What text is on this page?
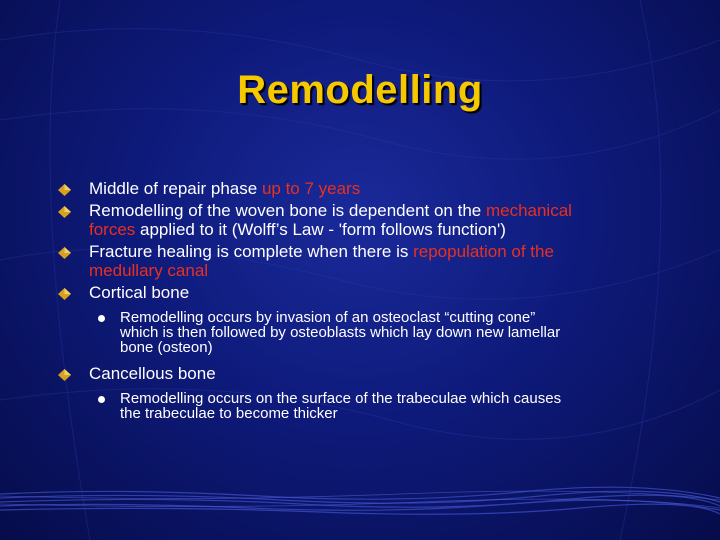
Remodelling
Middle of repair phase up to 7 years
Remodelling of the woven bone is dependent on the mechanical
forces applied to it (Wolff’s Law - 'form follows function')
Fracture healing is complete when there is repopulation of the
medullary canal
Cortical bone
Remodelling occurs by invasion of an osteoclast “cutting cone”
which is then followed by osteoblasts which lay down new lamellar
bone (osteon)
Cancellous bone
Remodelling occurs on the surface of the trabeculae which causes
the trabeculae to become thicker
